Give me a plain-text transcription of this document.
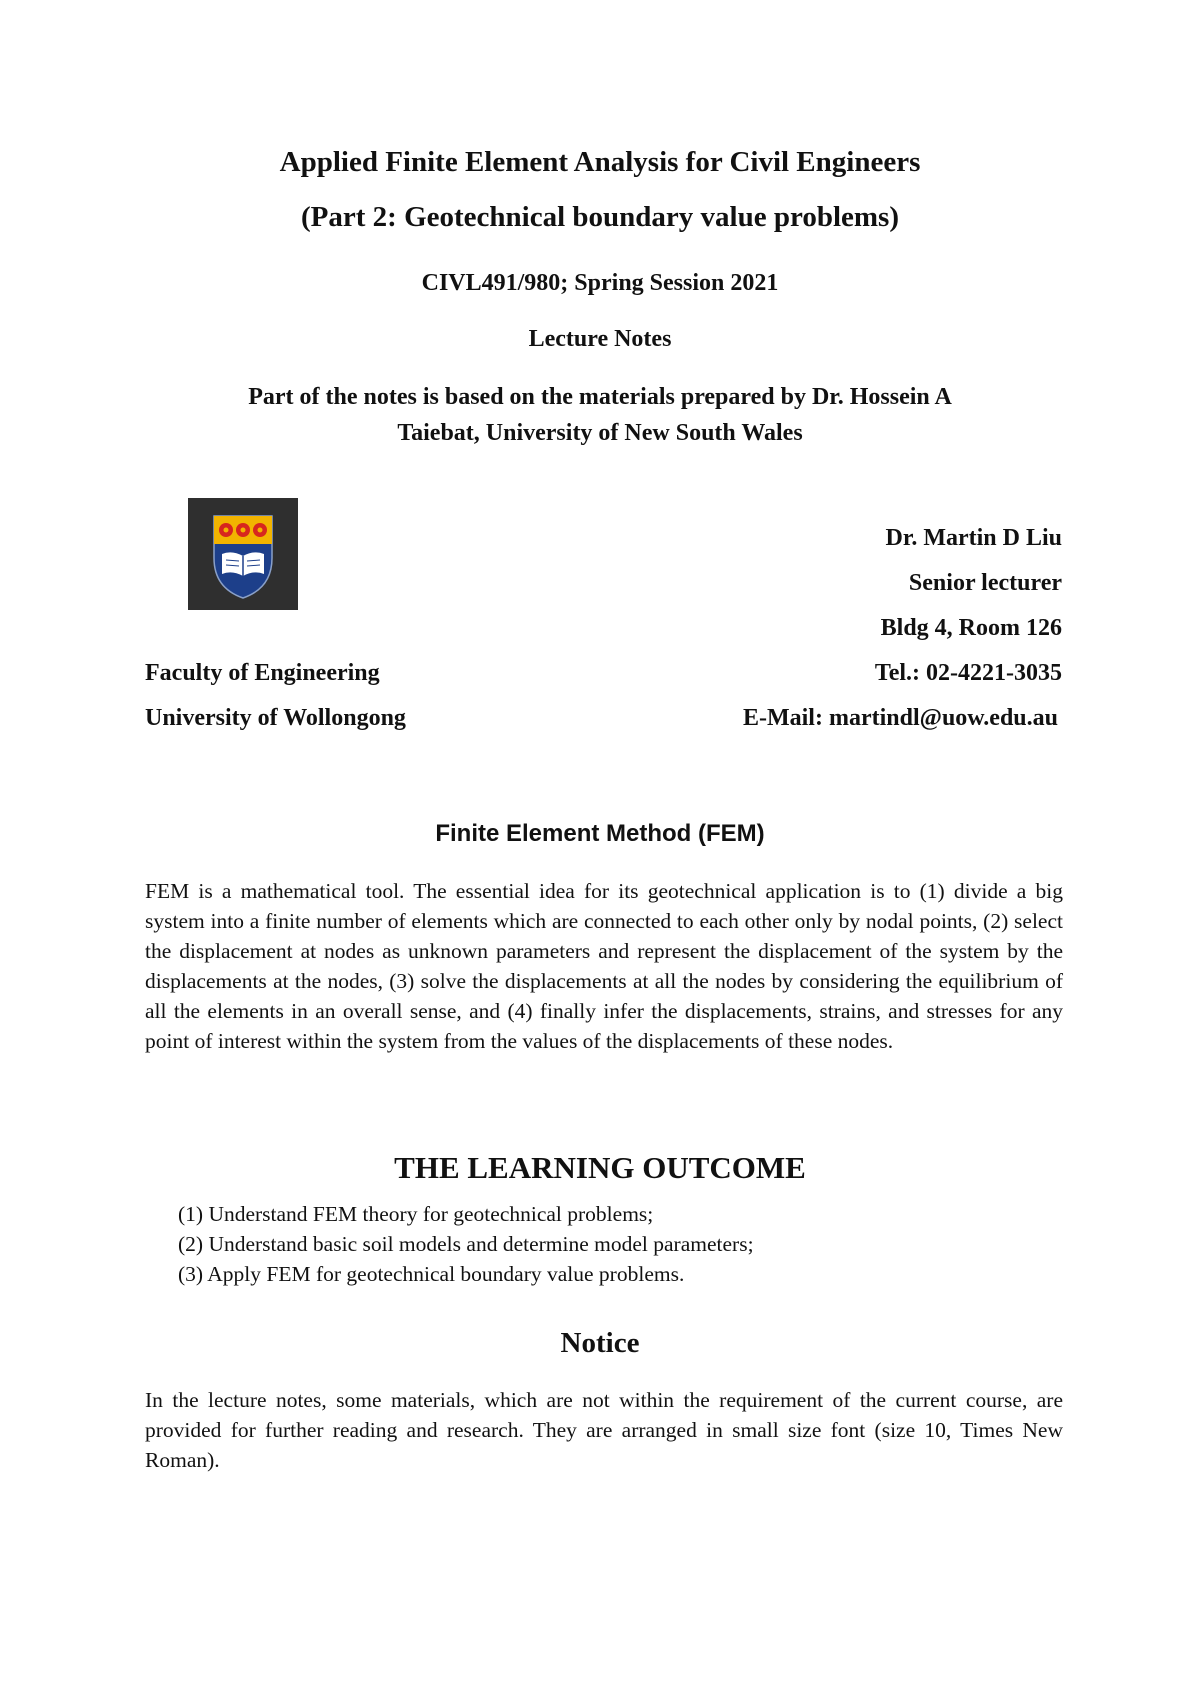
Applied Finite Element Analysis for Civil Engineers
(Part 2: Geotechnical boundary value problems)
CIVL491/980; Spring Session 2021
Lecture Notes
Part of the notes is based on the materials prepared by Dr. Hossein A
Taiebat, University of New South Wales
Dr. Martin D Liu
Senior lecturer
Bldg 4, Room 126
Tel.: 02-4221-3035
E-Mail: martindl@uow.edu.au
Faculty of Engineering
University of Wollongong
Finite Element Method (FEM)
FEM is a mathematical tool. The essential idea for its geotechnical application is to (1) divide a big system into a finite number of elements which are connected to each other only by nodal points, (2) select the displacement at nodes as unknown parameters and represent the displacement of the system by the displacements at the nodes, (3) solve the displacements at all the nodes by considering the equilibrium of all the elements in an overall sense, and (4) finally infer the displacements, strains, and stresses for any point of interest within the system from the values of the displacements of these nodes.
THE LEARNING OUTCOME
(1) Understand FEM theory for geotechnical problems;
(2) Understand basic soil models and determine model parameters;
(3) Apply FEM for geotechnical boundary value problems.
Notice
In the lecture notes, some materials, which are not within the requirement of the current course, are provided for further reading and research. They are arranged in small size font (size 10, Times New Roman).
